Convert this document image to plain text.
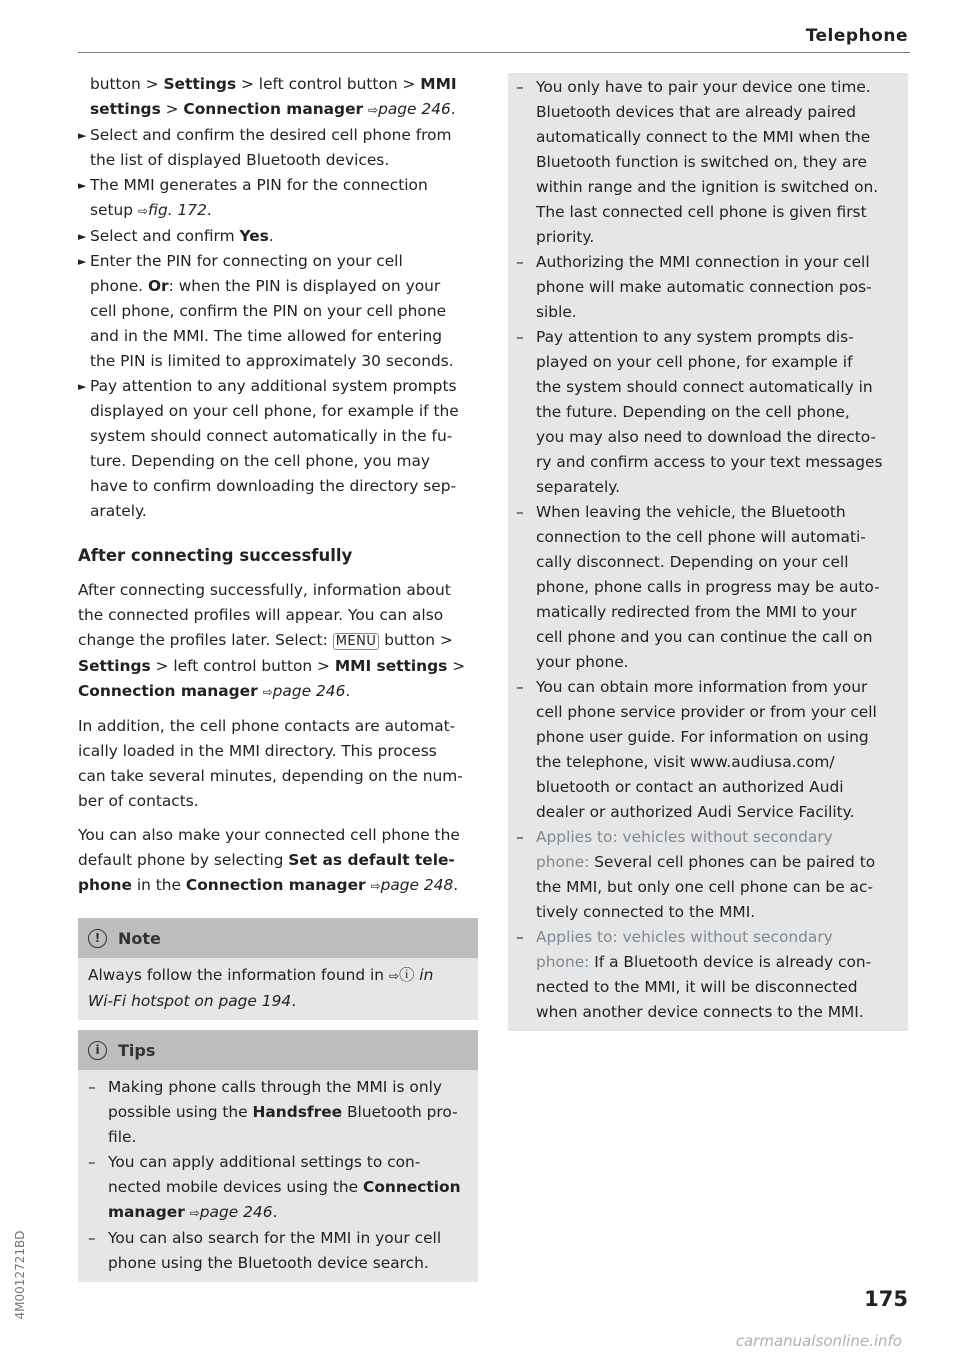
Telephone
button > Settings > left control button > MMI
settings > Connection manager ⇨page 246.
► Select and confirm the desired cell phone from
the list of displayed Bluetooth devices.
► The MMI generates a PIN for the connection
setup ⇨fig. 172.
► Select and confirm Yes.
► Enter the PIN for connecting on your cell
phone. Or: when the PIN is displayed on your
cell phone, confirm the PIN on your cell phone
and in the MMI. The time allowed for entering
the PIN is limited to approximately 30 seconds.
► Pay attention to any additional system prompts
displayed on your cell phone, for example if the
system should connect automatically in the fu-
ture. Depending on the cell phone, you may
have to confirm downloading the directory sep-
arately.
After connecting successfully
After connecting successfully, information about
the connected profiles will appear. You can also
change the profiles later. Select: MENU button >
Settings > left control button > MMI settings >
Connection manager ⇨page 246.
In addition, the cell phone contacts are automat-
ically loaded in the MMI directory. This process
can take several minutes, depending on the num-
ber of contacts.
You can also make your connected cell phone the
default phone by selecting Set as default tele-
phone in the Connection manager ⇨page 248.
!	Note
Always follow the information found in ⇨ⓘ in
Wi-Fi hotspot on page 194.
i	Tips
– Making phone calls through the MMI is only
possible using the Handsfree Bluetooth pro-
file.
– You can apply additional settings to con-
nected mobile devices using the Connection
manager ⇨page 246.
– You can also search for the MMI in your cell
phone using the Bluetooth device search.
– You only have to pair your device one time.
Bluetooth devices that are already paired
automatically connect to the MMI when the
Bluetooth function is switched on, they are
within range and the ignition is switched on.
The last connected cell phone is given first
priority.
– Authorizing the MMI connection in your cell
phone will make automatic connection pos-
sible.
– Pay attention to any system prompts dis-
played on your cell phone, for example if
the system should connect automatically in
the future. Depending on the cell phone,
you may also need to download the directo-
ry and confirm access to your text messages
separately.
– When leaving the vehicle, the Bluetooth
connection to the cell phone will automati-
cally disconnect. Depending on your cell
phone, phone calls in progress may be auto-
matically redirected from the MMI to your
cell phone and you can continue the call on
your phone.
– You can obtain more information from your
cell phone service provider or from your cell
phone user guide. For information on using
the telephone, visit www.audiusa.com/
bluetooth or contact an authorized Audi
dealer or authorized Audi Service Facility.
– Applies to: vehicles without secondary
phone: Several cell phones can be paired to
the MMI, but only one cell phone can be ac-
tively connected to the MMI.
– Applies to: vehicles without secondary
phone: If a Bluetooth device is already con-
nected to the MMI, it will be disconnected
when another device connects to the MMI.
4M0012721BD	175
carmanualsonline.info
